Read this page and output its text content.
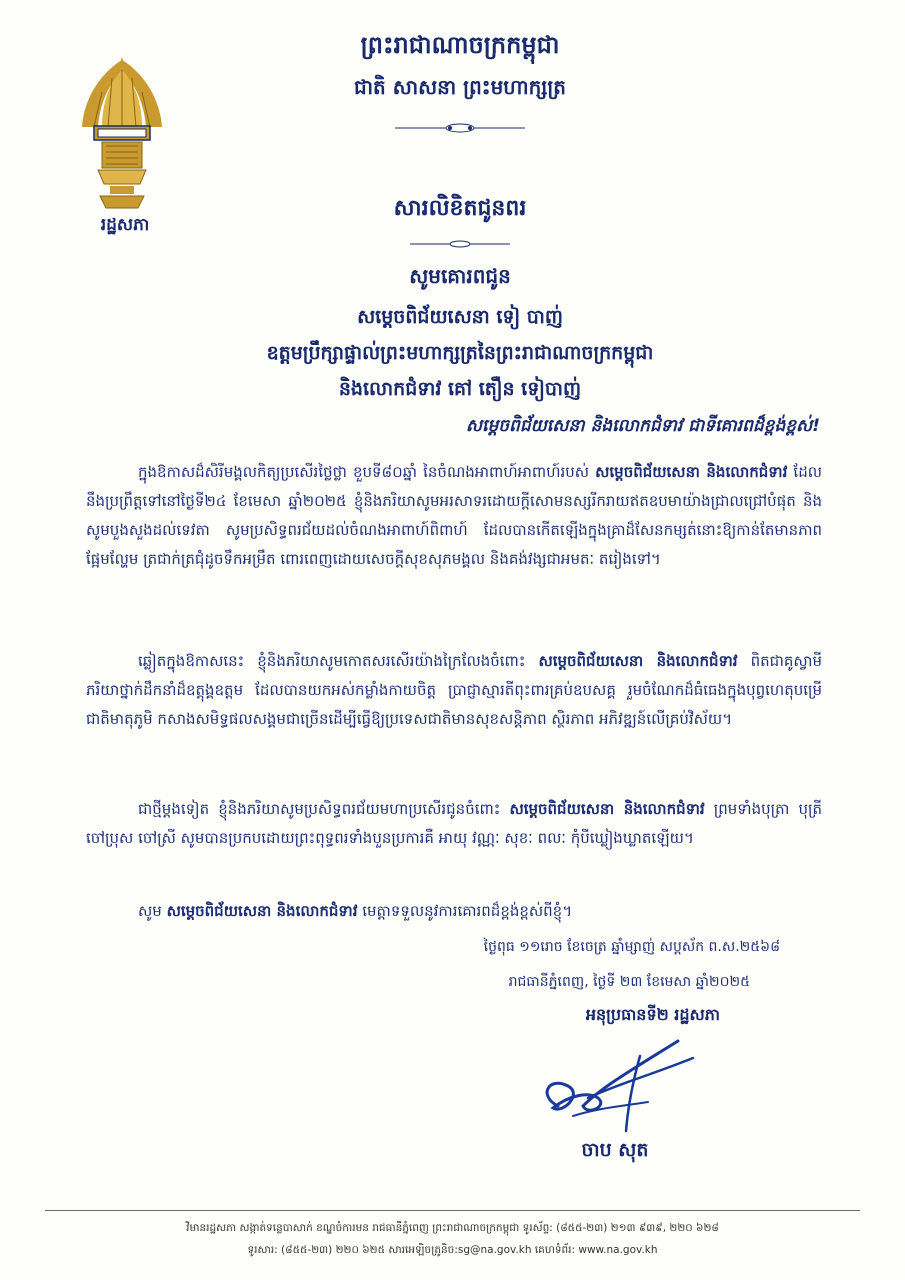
រដ្ឋសភា
ព្រះរាជាណាចក្រកម្ពុជា
ជាតិ សាសនា ព្រះមហាក្សត្រ
សារលិខិតជូនពរ
សូមគោរពជូន
សម្ដេចពិជ័យសេនា ទៀ បាញ់
ឧត្តមប្រឹក្សាផ្ទាល់ព្រះមហាក្សត្រនៃព្រះរាជាណាចក្រកម្ពុជា
និងលោកជំទាវ គៅ តឿន ទៀបាញ់
សម្ដេចពិជ័យសេនា និងលោកជំទាវ ជាទីគោរពដ៏ខ្ពង់ខ្ពស់!
ក្នុងឱកាសដ៏សិរីមង្គលកិត្យប្រសើរថ្លៃថ្លា ខួបទី៨០ឆ្នាំ នៃចំណងអាពាហ៍អាពាហ៍របស់ សម្ដេចពិជ័យសេនា និងលោកជំទាវ ដែលនឹងប្រព្រឹត្តទៅនៅថ្ងៃទី២៤ ខែមេសា ឆ្នាំ២០២៥ ខ្ញុំនិងភរិយាសូមអរសាទរដោយក្ដីសោមនស្សរីករាយឥតឧបមាយ៉ាងជ្រាលជ្រៅបំផុត និងសូមបួងសួងដល់ទេវតា សូមប្រសិទ្ធពរជ័យដល់ចំណងអាពាហ៍ពិពាហ៍ ដែលបានកើតឡើងក្នុងគ្រាដ៏សែនកម្សត់នោះឱ្យកាន់តែមានភាពផ្អែមល្ហែម ត្រជាក់ត្រជុំដូចទឹកអម្រឹត ពោរពេញដោយសេចក្ដីសុខសុភមង្គល និងគង់វង្សជាអមតៈ តរៀងទៅ។
ឆ្លៀតក្នុងឱកាសនេះ ខ្ញុំនិងភរិយាសូមកោតសរសើរយ៉ាងក្រៃលែងចំពោះ សម្ដេចពិជ័យសេនា និងលោកជំទាវ ពិតជាគូស្វាមីភរិយាថ្នាក់ដឹកនាំដ៏ឧត្ដុង្គឧត្ដម ដែលបានយកអស់កម្លាំងកាយចិត្ត ប្រាជ្ញាស្មារតីពុះពារគ្រប់ឧបសគ្គ រួមចំណែកដ៏ធំធេងក្នុងបុព្វហេតុបម្រើជាតិមាតុភូមិ កសាងសមិទ្ធផលសង្គមជាច្រើនដើម្បីធ្វើឱ្យប្រទេសជាតិមានសុខសន្តិភាព ស្ថិរភាព អភិវឌ្ឍន៍លើគ្រប់វិស័យ។
ជាថ្មីម្ដងទៀត ខ្ញុំនិងភរិយាសូមប្រសិទ្ធពរជ័យមហាប្រសើរជូនចំពោះ សម្ដេចពិជ័យសេនា និងលោកជំទាវ ព្រមទាំងបុត្រា បុត្រី ចៅប្រុស ចៅស្រី សូមបានប្រកបដោយព្រះពុទ្ធពរទាំងបួនប្រការគឺ អាយុ វណ្ណៈ សុខៈ ពលៈ កុំបីឃ្លៀងឃ្លាតឡើយ។
សូម សម្ដេចពិជ័យសេនា និងលោកជំទាវ មេត្តាទទួលនូវការគោរពដ៏ខ្ពង់ខ្ពស់ពីខ្ញុំ។
ថ្ងៃពុធ ១១រោច ខែចេត្រ ឆ្នាំម្សាញ់ សប្តស័ក ព.ស.២៥៦៨
រាជធានីភ្នំពេញ, ថ្ងៃទី ២៣ ខែមេសា ឆ្នាំ២០២៥
អនុប្រធានទី២ រដ្ឋសភា
ចាប សុត
វិមានរដ្ឋសភា សង្កាត់ទន្លេបាសាក់ ខណ្ឌចំការមន រាជធានីភ្នំពេញ ព្រះរាជាណាចក្រកម្ពុជា ទូរស័ព្ទ: (៨៥៥-២៣) ២១៣ ៩៣៩, ២២០ ៦២៨
ទូរសារ: (៨៥៥-២៣) ២២០ ៦២៥ សារអេឡិចត្រូនិច:sg@na.gov.kh គេហទំព័រ: www.na.gov.kh
